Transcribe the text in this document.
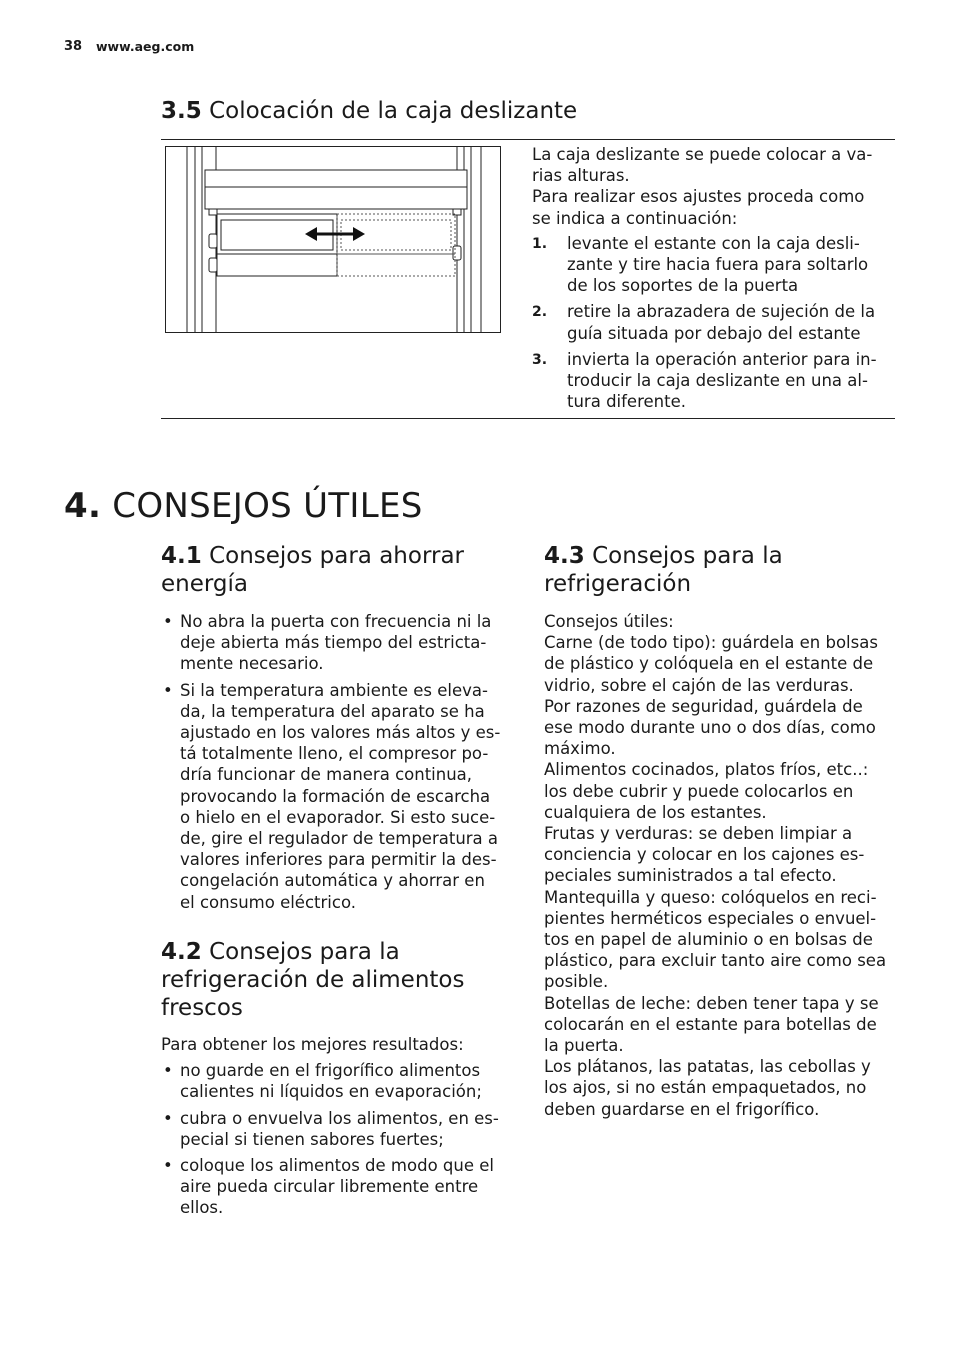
38 www.aeg.com
3.5 Colocación de la caja deslizante

La caja deslizante se puede colocar a va-

rias alturas.

Para realizar esos ajustes proceda como

se indica a continuación:

1. levante el estante con la caja desli-
zante y tire hacia fuera para soltarlo
de los soportes de la puerta
2. retire la abrazadera de sujeción de la
guía situada por debajo del estante
3. invierta la operación anterior para in-
troducir la caja deslizante en una al-
tura diferente.
4. CONSEJOS ÚTILES
4.1 Consejos para ahorrar
energía
• No abra la puerta con frecuencia ni la
deje abierta más tiempo del estricta-
mente necesario.
• Si la temperatura ambiente es eleva-
da, la temperatura del aparato se ha
ajustado en los valores más altos y es-
tá totalmente lleno, el compresor po-
dría funcionar de manera continua,
provocando la formación de escarcha
o hielo en el evaporador. Si esto suce-
de, gire el regulador de temperatura a
valores inferiores para permitir la des-
congelación automática y ahorrar en
el consumo eléctrico.
4.2 Consejos para la
refrigeración de alimentos
frescos

Para obtener los mejores resultados:

• no guarde en el frigorífico alimentos
calientes ni líquidos en evaporación;
• cubra o envuelva los alimentos, en es-
pecial si tienen sabores fuertes;
• coloque los alimentos de modo que el
aire pueda circular libremente entre
ellos.
4.3 Consejos para la
refrigeración
Consejos útiles:
Carne (de todo tipo): guárdela en bolsas
de plástico y colóquela en el estante de
vidrio, sobre el cajón de las verduras.
Por razones de seguridad, guárdela de
ese modo durante uno o dos días, como
máximo.
Alimentos cocinados, platos fríos, etc..:
los debe cubrir y puede colocarlos en
cualquiera de los estantes.
Frutas y verduras: se deben limpiar a
conciencia y colocar en los cajones es-
peciales suministrados a tal efecto.
Mantequilla y queso: colóquelos en reci-
pientes herméticos especiales o envuel-
tos en papel de aluminio o en bolsas de
plástico, para excluir tanto aire como sea
posible.
Botellas de leche: deben tener tapa y se
colocarán en el estante para botellas de
la puerta.
Los plátanos, las patatas, las cebollas y
los ajos, si no están empaquetados, no
deben guardarse en el frigorífico.
